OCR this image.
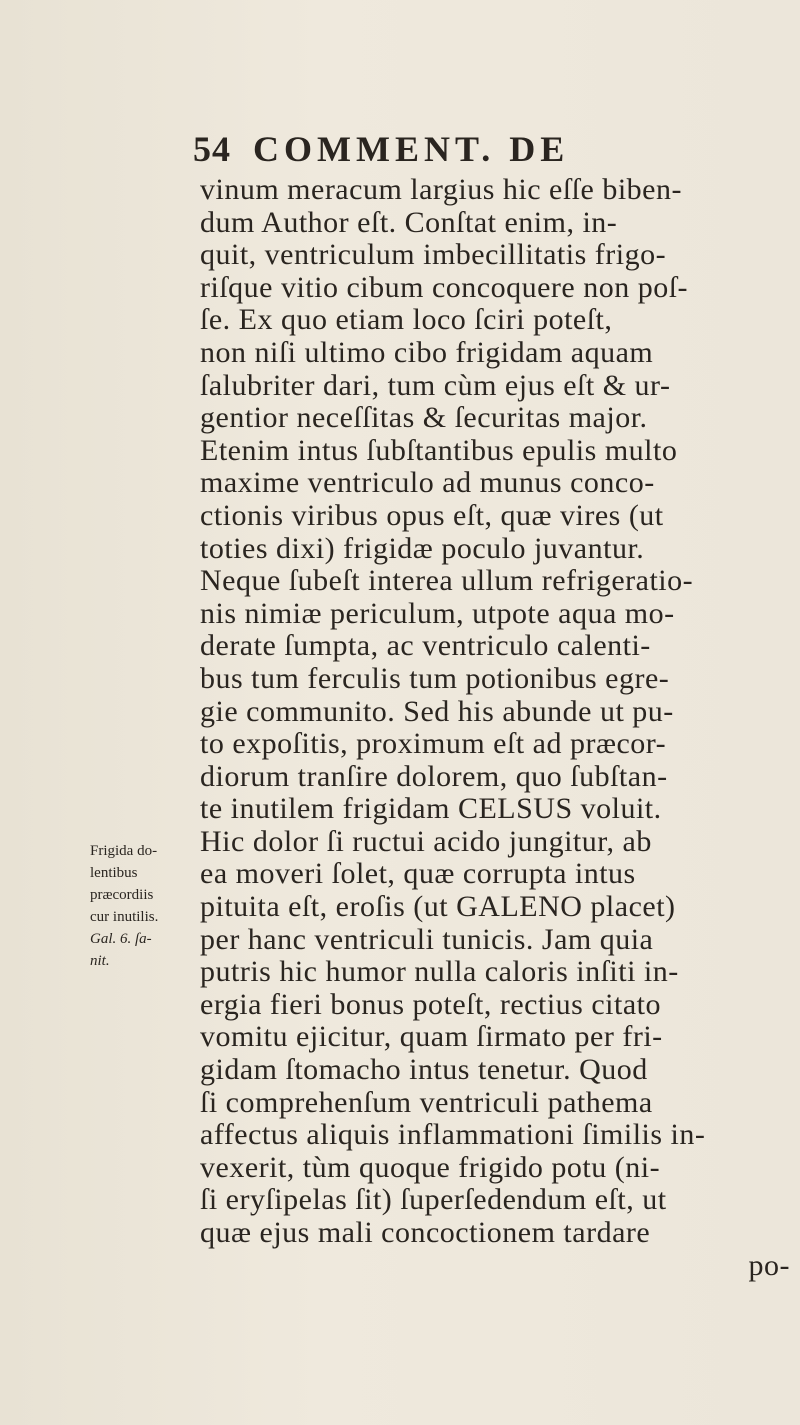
54 COMMENT. DE
vinum meracum largius hic eſſe biben-
dum Author eſt. Conſtat enim, in-
quit, ventriculum imbecillitatis frigo-
riſque vitio cibum concoquere non poſ-
ſe. Ex quo etiam loco ſciri poteſt,
non niſi ultimo cibo frigidam aquam
ſalubriter dari, tum cùm ejus eſt & ur-
gentior neceſſitas & ſecuritas major.
Etenim intus ſubſtantibus epulis multo
maxime ventriculo ad munus conco-
ctionis viribus opus eſt, quæ vires (ut
toties dixi) frigidæ poculo juvantur.
Neque ſubeſt interea ullum refrigeratio-
nis nimiæ periculum, utpote aqua mo-
derate ſumpta, ac ventriculo calenti-
bus tum ferculis tum potionibus egre-
gie communito. Sed his abunde ut pu-
to expoſitis, proximum eſt ad præcor-
diorum tranſire dolorem, quo ſubſtan-
te inutilem frigidam CELSUS voluit.
Hic dolor ſi ructui acido jungitur, ab
ea moveri ſolet, quæ corrupta intus
pituita eſt, eroſis (ut GALENO placet)
per hanc ventriculi tunicis. Jam quia
putris hic humor nulla caloris inſiti in-
ergia fieri bonus poteſt, rectius citato
vomitu ejicitur, quam ſirmato per fri-
gidam ſtomacho intus tenetur. Quod
ſi comprehenſum ventriculi pathema
affectus aliquis inflammationi ſimilis in-
vexerit, tùm quoque frigido potu (ni-
ſi eryſipelas ſit) ſuperſedendum eſt, ut
quæ ejus mali concoctionem tardare
po-
Frigida do-
lentibus
præcordiis
cur inutilis.
Gal. 6. ſa-
nit.
